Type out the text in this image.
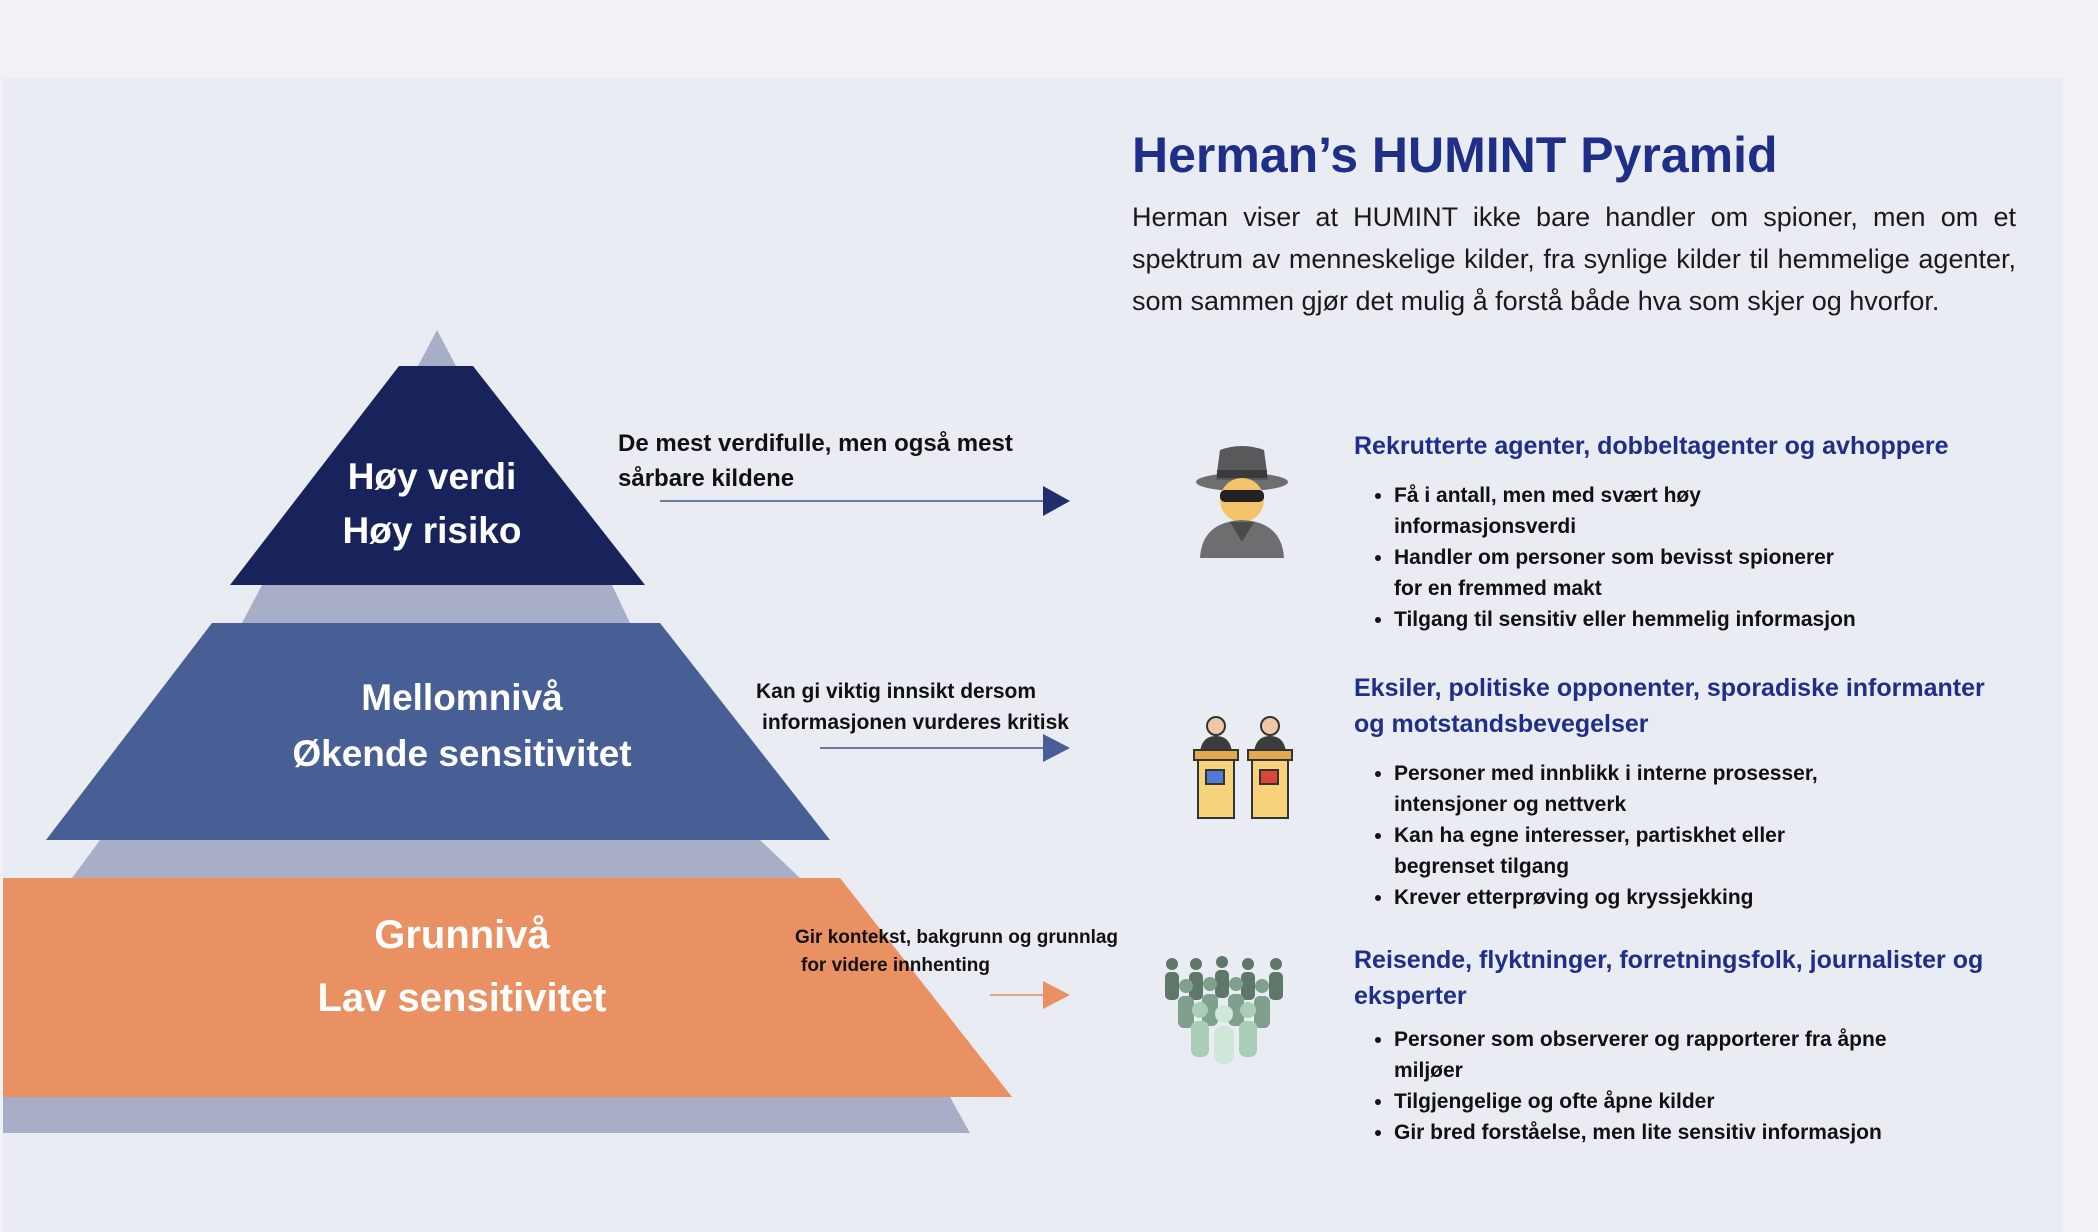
Herman’s HUMINT Pyramid

Herman viser at HUMINT ikke bare handler om spioner, men om et spektrum av menneskelige kilder, fra synlige kilder til hemmelige agenter, som sammen gjør det mulig å forstå både hva som skjer og hvorfor.

Høy verdi
Høy risiko
Mellomnivå
Økende sensitivitet
Grunnivå
Lav sensitivitet
De mest verdifulle, men også mest
sårbare kildene
Kan gi viktig innsikt dersom
informasjonen vurderes kritisk
Gir kontekst, bakgrunn og grunnlag
for videre innhenting
Rekrutterte agenter, dobbeltagenter og avhoppere
• Få i antall, men med svært høy
informasjonsverdi
• Handler om personer som bevisst spionerer
for en fremmed makt
• Tilgang til sensitiv eller hemmelig informasjon
Eksiler, politiske opponenter, sporadiske informanter
og motstandsbevegelser
• Personer med innblikk i interne prosesser,
intensjoner og nettverk
• Kan ha egne interesser, partiskhet eller
begrenset tilgang
• Krever etterprøving og kryssjekking
Reisende, flyktninger, forretningsfolk, journalister og
eksperter
• Personer som observerer og rapporterer fra åpne
miljøer
• Tilgjengelige og ofte åpne kilder
• Gir bred forståelse, men lite sensitiv informasjon
